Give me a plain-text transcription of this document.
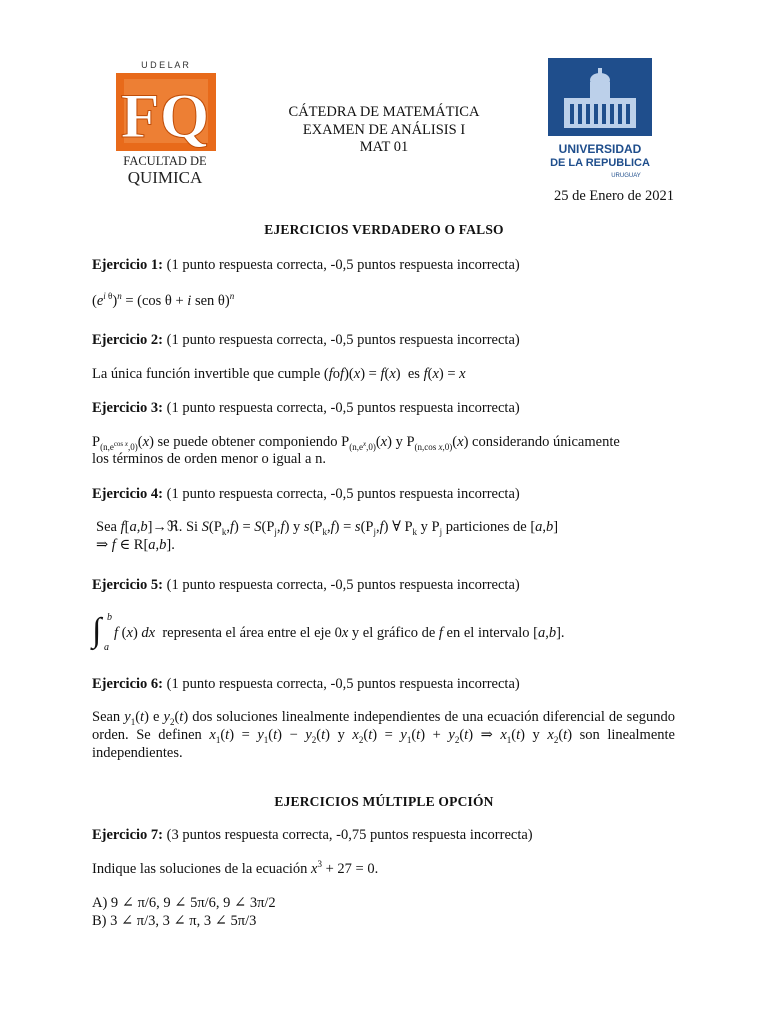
U D E L A R
FQ
FACULTAD DE
QUIMICA
CÁTEDRA DE MATEMÁTICA
EXAMEN DE ANÁLISIS I
MAT 01	UNIVERSIDAD
DE LA REPUBLICA
URUGUAY
25 de Enero de 2021
EJERCICIOS VERDADERO O FALSO
Ejercicio 1: (1 punto respuesta correcta, -0,5 puntos respuesta incorrecta)
$(e^{i \theta})^n = (\cos$ θ + i sen θ)$^n$
Ejercicio 2: (1 punto respuesta correcta, -0,5 puntos respuesta incorrecta)
La única función invertible que cumple (fof)(x) = f(x)  es f(x) = x
Ejercicio 3: (1 punto respuesta correcta, -0,5 puntos respuesta incorrecta)
$P_{(n,e^{cos x},0)}(x)$ se puede obtener componiendo $P_{(n,e^x,0)}(x)$ y $P_{(n,cos x,0)}(x)$ considerando únicamente
los términos de orden menor o igual a n.
Ejercicio 4: (1 punto respuesta correcta, -0,5 puntos respuesta incorrecta)
Sea f[a,b]→ℜ. Si $S(P_k,f) = S(P_j,f)$ y $s(P_k,f) = s(P_j,f)$ ∀ $P_k$ y $P_j$ particiones de [a,b]
⇒ f ∈ R[a,b].
Ejercicio 5: (1 punto respuesta correcta, -0,5 puntos respuesta incorrecta)
∫ b
a
f (x) dx representa el área entre el eje 0x y el gráfico de f en el intervalo [a,b].
Ejercicio 6: (1 punto respuesta correcta, -0,5 puntos respuesta incorrecta)
Sean $y_1(t)$ e $y_2(t)$ dos soluciones linealmente independientes de una ecuación diferencial de segundo orden. Se definen $x_1(t) = y_1(t) - y_2(t)$ y $x_2(t) = y_1(t) + y_2(t)$ ⇒ $x_1(t)$ y $x_2(t)$ son linealmente independientes.
EJERCICIOS MÚLTIPLE OPCIÓN
Ejercicio 7: (3 puntos respuesta correcta, -0,75 puntos respuesta incorrecta)
Indique las soluciones de la ecuación $x^3 + 27 = 0$.
A) 9 ∠ π/6, 9 ∠ 5π/6, 9 ∠ 3π/2
B) 3 ∠ π/3, 3 ∠ π, 3 ∠ 5π/3
